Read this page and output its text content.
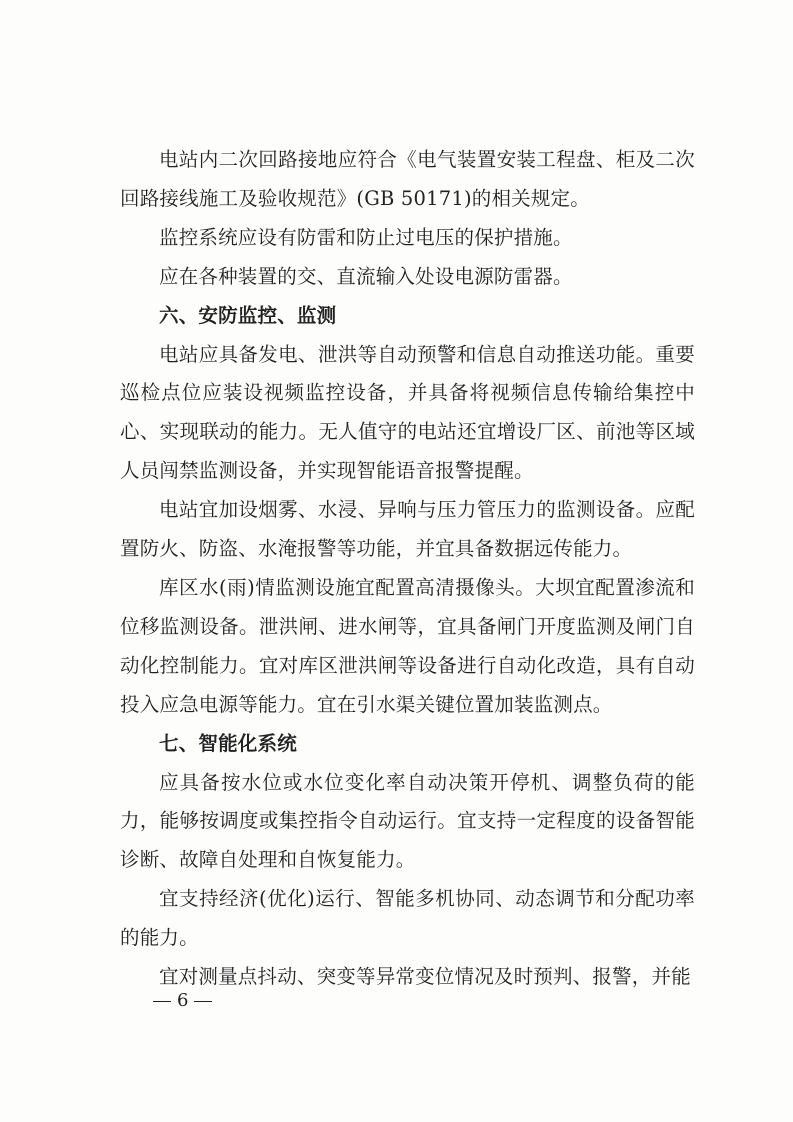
电站内二次回路接地应符合《电气装置安装工程盘、柜及二次回路接线施工及验收规范》(GB 50171)的相关规定。

监控系统应设有防雷和防止过电压的保护措施。

应在各种装置的交、直流输入处设电源防雷器。

六、安防监控、监测

电站应具备发电、泄洪等自动预警和信息自动推送功能。重要巡检点位应装设视频监控设备，并具备将视频信息传输给集控中心、实现联动的能力。无人值守的电站还宜增设厂区、前池等区域人员闯禁监测设备，并实现智能语音报警提醒。

电站宜加设烟雾、水浸、异响与压力管压力的监测设备。应配置防火、防盗、水淹报警等功能，并宜具备数据远传能力。

库区水(雨)情监测设施宜配置高清摄像头。大坝宜配置渗流和位移监测设备。泄洪闸、进水闸等，宜具备闸门开度监测及闸门自动化控制能力。宜对库区泄洪闸等设备进行自动化改造，具有自动投入应急电源等能力。宜在引水渠关键位置加装监测点。

七、智能化系统

应具备按水位或水位变化率自动决策开停机、调整负荷的能力，能够按调度或集控指令自动运行。宜支持一定程度的设备智能诊断、故障自处理和自恢复能力。

宜支持经济(优化)运行、智能多机协同、动态调节和分配功率的能力。

宜对测量点抖动、突变等异常变位情况及时预判、报警，并能

6
